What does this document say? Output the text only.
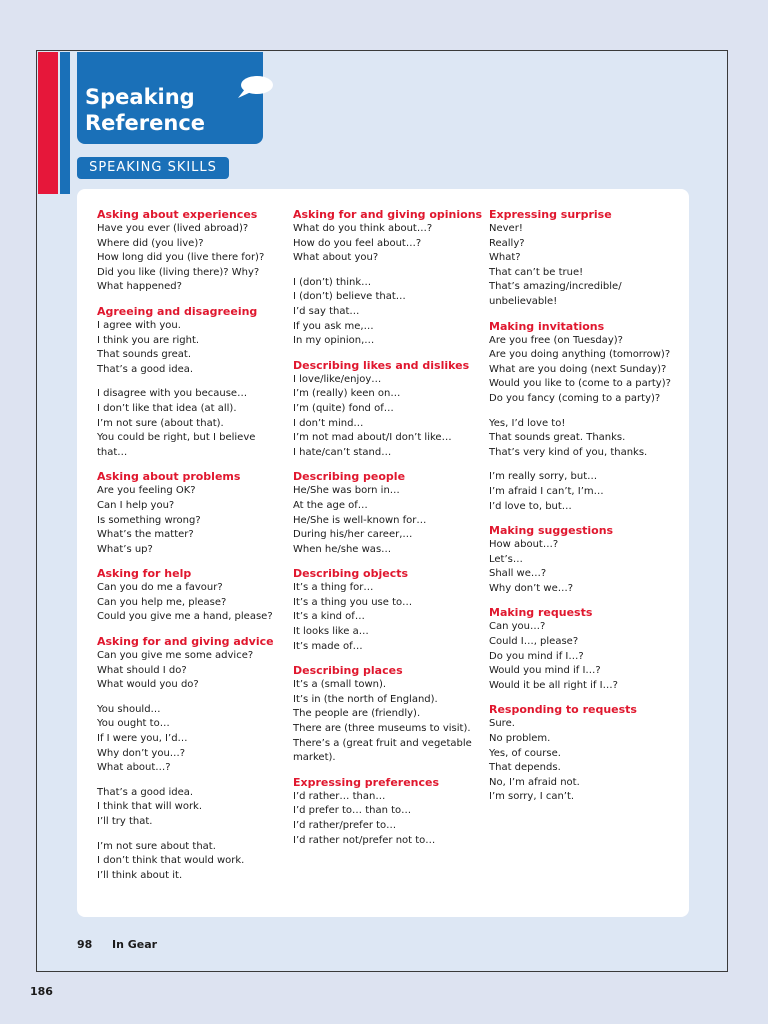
Speaking
Reference
SPEAKING SKILLS
Asking about experiences
Have you ever (lived abroad)?
Where did (you live)?
How long did you (live there for)?
Did you like (living there)? Why?
What happened?
Agreeing and disagreeing
I agree with you.
I think you are right.
That sounds great.
That’s a good idea.
I disagree with you because…
I don’t like that idea (at all).
I’m not sure (about that).
You could be right, but I believe
that…
Asking about problems
Are you feeling OK?
Can I help you?
Is something wrong?
What’s the matter?
What’s up?
Asking for help
Can you do me a favour?
Can you help me, please?
Could you give me a hand, please?
Asking for and giving advice
Can you give me some advice?
What should I do?
What would you do?
You should…
You ought to…
If I were you, I’d…
Why don’t you…?
What about…?
That’s a good idea.
I think that will work.
I’ll try that.
I’m not sure about that.
I don’t think that would work.
I’ll think about it.
Asking for and giving opinions
What do you think about…?
How do you feel about…?
What about you?
I (don’t) think…
I (don’t) believe that…
I’d say that…
If you ask me,…
In my opinion,…
Describing likes and dislikes
I love/like/enjoy…
I’m (really) keen on…
I’m (quite) fond of…
I don’t mind…
I’m not mad about/I don’t like…
I hate/can’t stand…
Describing people
He/She was born in…
At the age of…
He/She is well-known for…
During his/her career,…
When he/she was…
Describing objects
It’s a thing for…
It’s a thing you use to…
It’s a kind of…
It looks like a…
It’s made of…
Describing places
It’s a (small town).
It’s in (the north of England).
The people are (friendly).
There are (three museums to visit).
There’s a (great fruit and vegetable
market).
Expressing preferences
I’d rather… than…
I’d prefer to… than to…
I’d rather/prefer to…
I’d rather not/prefer not to…
Expressing surprise
Never!
Really?
What?
That can’t be true!
That’s amazing/incredible/
unbelievable!
Making invitations
Are you free (on Tuesday)?
Are you doing anything (tomorrow)?
What are you doing (next Sunday)?
Would you like to (come to a party)?
Do you fancy (coming to a party)?
Yes, I’d love to!
That sounds great. Thanks.
That’s very kind of you, thanks.
I’m really sorry, but…
I’m afraid I can’t, I’m…
I’d love to, but…
Making suggestions
How about…?
Let’s…
Shall we…?
Why don’t we…?
Making requests
Can you…?
Could I…, please?
Do you mind if I…?
Would you mind if I…?
Would it be all right if I…?
Responding to requests
Sure.
No problem.
Yes, of course.
That depends.
No, I’m afraid not.
I’m sorry, I can’t.
98 In Gear
186
